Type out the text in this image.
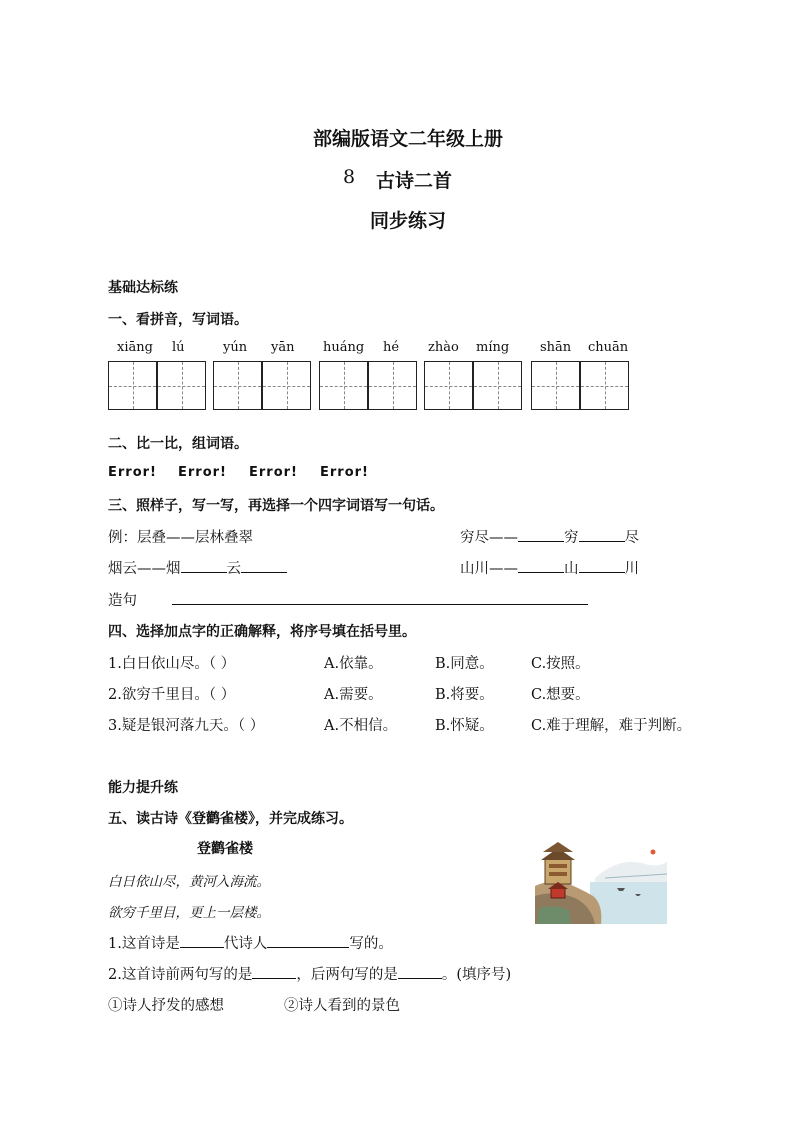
部编版语文二年级上册
8 古诗二首
同步练习
基础达标练
一、看拼音，写词语。
xiāng lú	yún yān huáng hé zhào míng shān chuān
二、比一比，组词语。
Error! Error! Error! Error!
三、照样子，写一写，再选择一个四字词语写一句话。
例：层叠——层林叠翠	穷尽——	穷	尽
烟云——烟	云	山川——	山	川
造句
四、选择加点字的正确解释，将序号填在括号里。
1.白日依山尽。（ ）	A.依靠。	B.同意。	C.按照。
2.欲穷千里目。（ ）	A.需要。	B.将要。	C.想要。
3.疑是银河落九天。（ ）	A.不相信。	B.怀疑。	C.难于理解，难于判断。
能力提升练
五、读古诗《登鹳雀楼》，并完成练习。
登鹳雀楼
白日依山尽，黄河入海流。
欲穷千里目，更上一层楼。
1.这首诗是	代诗人	写的。
2.这首诗前两句写的是	，后两句写的是	。(填序号)
①诗人抒发的感想	②诗人看到的景色
